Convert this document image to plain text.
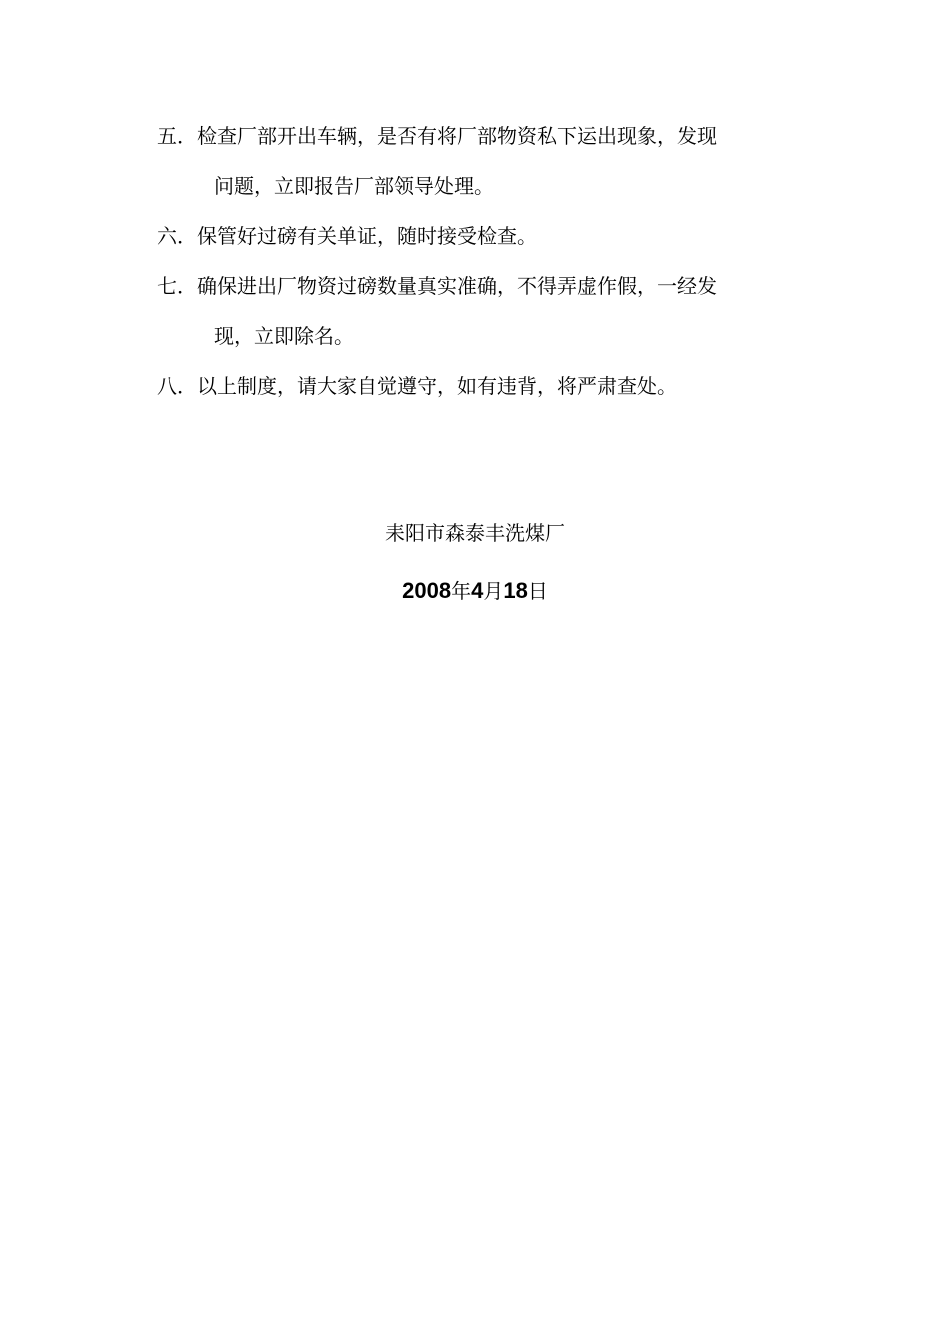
五．检查厂部开出车辆，是否有将厂部物资私下运出现象，发现
问题，立即报告厂部领导处理。
六．保管好过磅有关单证，随时接受检查。
七．确保进出厂物资过磅数量真实准确，不得弄虚作假，一经发
现，立即除名。
八．以上制度，请大家自觉遵守，如有违背，将严肃查处。
耒阳市森泰丰洗煤厂
2008年4月18日
